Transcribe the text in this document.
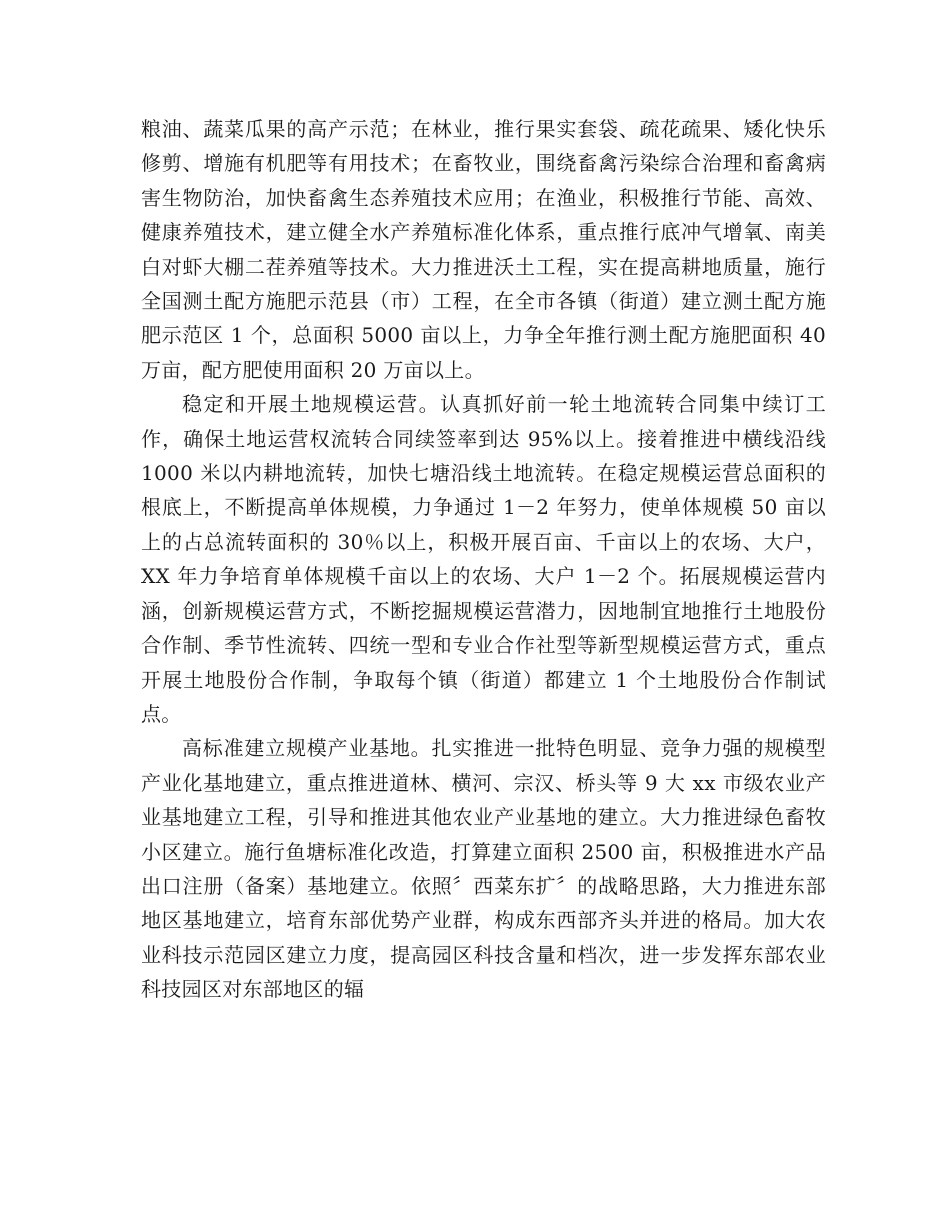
粮油、蔬菜瓜果的高产示范；在林业，推行果实套袋、疏花疏果、矮化快乐修剪、增施有机肥等有用技术；在畜牧业，围绕畜禽污染综合治理和畜禽病害生物防治，加快畜禽生态养殖技术应用；在渔业，积极推行节能、高效、健康养殖技术，建立健全水产养殖标准化体系，重点推行底冲气增氧、南美白对虾大棚二茬养殖等技术。大力推进沃土工程，实在提高耕地质量，施行全国测土配方施肥示范县（市）工程，在全市各镇（街道）建立测土配方施肥示范区 1 个，总面积 5000 亩以上，力争全年推行测土配方施肥面积 40 万亩，配方肥使用面积 20 万亩以上。

稳定和开展土地规模运营。认真抓好前一轮土地流转合同集中续订工作，确保土地运营权流转合同续签率到达 95%以上。接着推进中横线沿线 1000 米以内耕地流转，加快七塘沿线土地流转。在稳定规模运营总面积的根底上，不断提高单体规模，力争通过 1－2 年努力，使单体规模 50 亩以上的占总流转面积的 30％以上，积极开展百亩、千亩以上的农场、大户，XX 年力争培育单体规模千亩以上的农场、大户 1－2 个。拓展规模运营内涵，创新规模运营方式，不断挖掘规模运营潜力，因地制宜地推行土地股份合作制、季节性流转、四统一型和专业合作社型等新型规模运营方式，重点开展土地股份合作制，争取每个镇（街道）都建立 1 个土地股份合作制试点。

高标准建立规模产业基地。扎实推进一批特色明显、竞争力强的规模型产业化基地建立，重点推进道林、横河、宗汉、桥头等 9 大 xx 市级农业产业基地建立工程，引导和推进其他农业产业基地的建立。大力推进绿色畜牧小区建立。施行鱼塘标准化改造，打算建立面积 2500 亩，积极推进水产品出口注册（备案）基地建立。依照〞西菜东扩〞的战略思路，大力推进东部地区基地建立，培育东部优势产业群，构成东西部齐头并进的格局。加大农业科技示范园区建立力度，提高园区科技含量和档次，进一步发挥东部农业科技园区对东部地区的辐
